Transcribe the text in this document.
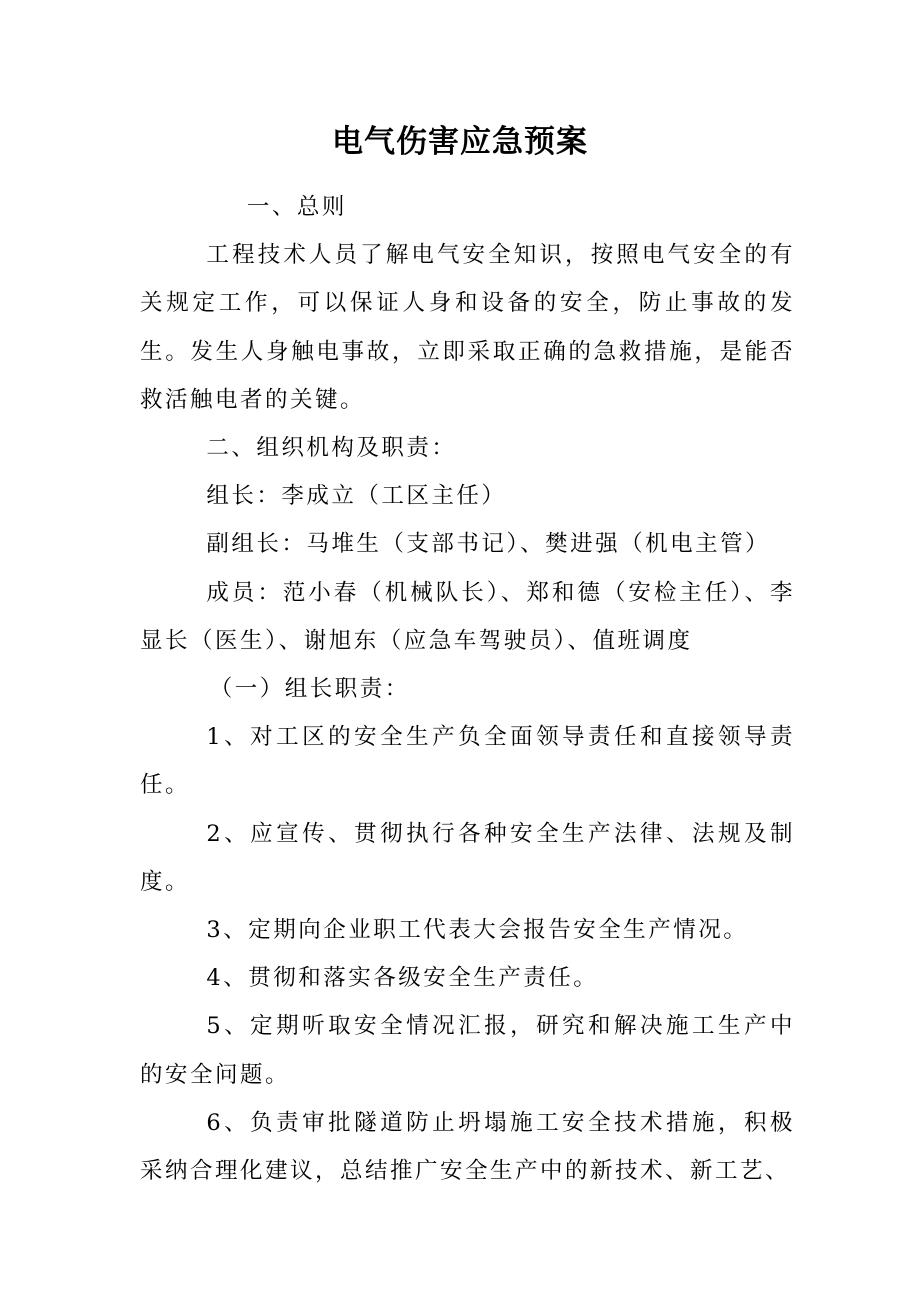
电气伤害应急预案

一、总则

工程技术人员了解电气安全知识，按照电气安全的有关规定工作，可以保证人身和设备的安全，防止事故的发生。发生人身触电事故，立即采取正确的急救措施，是能否救活触电者的关键。

二、组织机构及职责：

组长：李成立（工区主任）

副组长：马堆生（支部书记）、樊进强（机电主管）

成员：范小春（机械队长）、郑和德（安检主任）、李显长（医生）、谢旭东（应急车驾驶员）、值班调度

（一）组长职责：

1、对工区的安全生产负全面领导责任和直接领导责任。

2、应宣传、贯彻执行各种安全生产法律、法规及制度。

3、定期向企业职工代表大会报告安全生产情况。

4、贯彻和落实各级安全生产责任。

5、定期听取安全情况汇报，研究和解决施工生产中的安全问题。

6、负责审批隧道防止坍塌施工安全技术措施，积极采纳合理化建议，总结推广安全生产中的新技术、新工艺、
